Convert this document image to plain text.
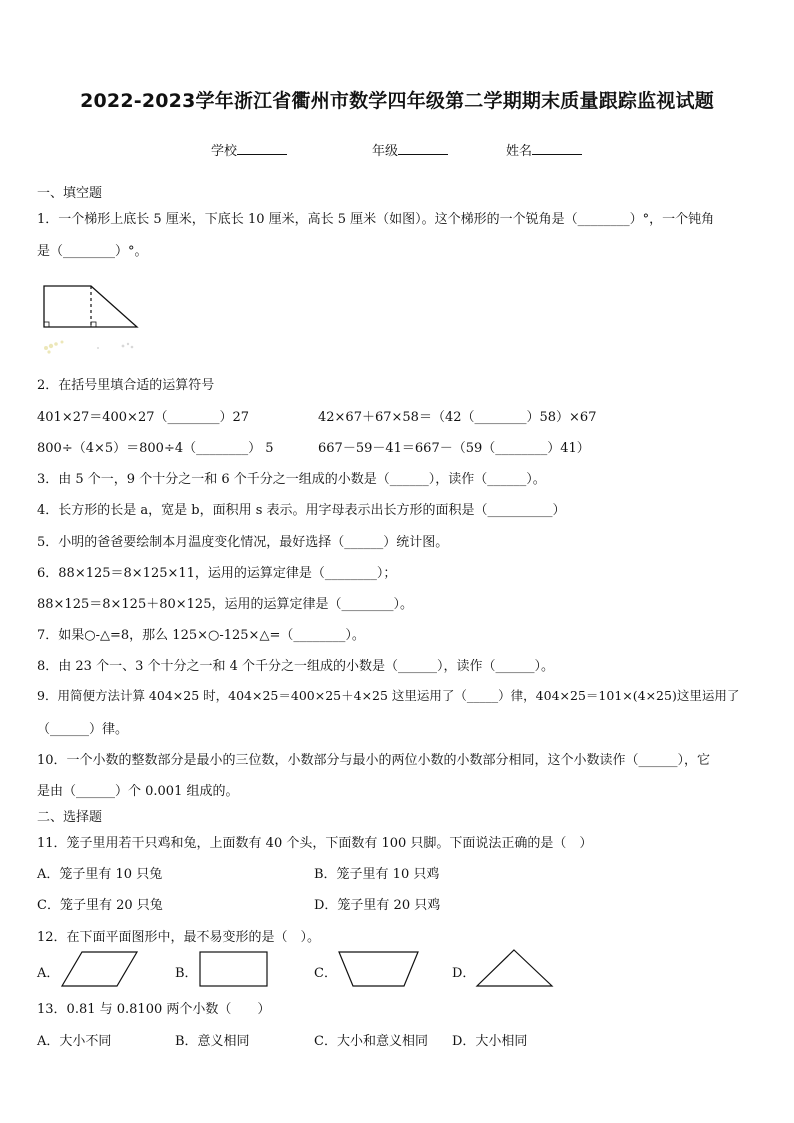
2022-2023学年浙江省衢州市数学四年级第二学期期末质量跟踪监视试题
学校	年级	姓名
一、填空题
1．一个梯形上底长 5 厘米，下底长 10 厘米，高长 5 厘米（如图）。这个梯形的一个锐角是（________）°，一个钝角
是（________）°。
2．在括号里填合适的运算符号
401×27＝400×27（________）27	42×67＋67×58＝（42（________）58）×67
800÷（4×5）＝800÷4（________） 5	667－59－41＝667－（59（________）41）
3．由 5 个一，9 个十分之一和 6 个千分之一组成的小数是（______），读作（______）。
4．长方形的长是 a，宽是 b，面积用 s 表示。用字母表示出长方形的面积是（__________）
5．小明的爸爸要绘制本月温度变化情况，最好选择（______）统计图。
6．88×125＝8×125×11，运用的运算定律是（________）；
88×125＝8×125＋80×125，运用的运算定律是（________）。
7．如果○-△=8，那么 125×○-125×△=（________）。
8．由 23 个一、3 个十分之一和 4 个千分之一组成的小数是（______），读作（______）。
9．用简便方法计算 404×25 时，404×25＝400×25＋4×25 这里运用了（_____）律，404×25＝101×(4×25)这里运用了
（______）律。
10．一个小数的整数部分是最小的三位数，小数部分与最小的两位小数的小数部分相同，这个小数读作（______），它
是由（______）个 0.001 组成的。
二、选择题
11．笼子里用若干只鸡和兔，上面数有 40 个头，下面数有 100 只脚。下面说法正确的是（　）
A．笼子里有 10 只兔	B．笼子里有 10 只鸡
C．笼子里有 20 只兔	D．笼子里有 20 只鸡
12．在下面平面图形中，最不易变形的是（　）。
A．	B．	C．	D．
13．0.81 与 0.8100 两个小数（　　）
A．大小不同	B．意义相同	C．大小和意义相同 D．大小相同
